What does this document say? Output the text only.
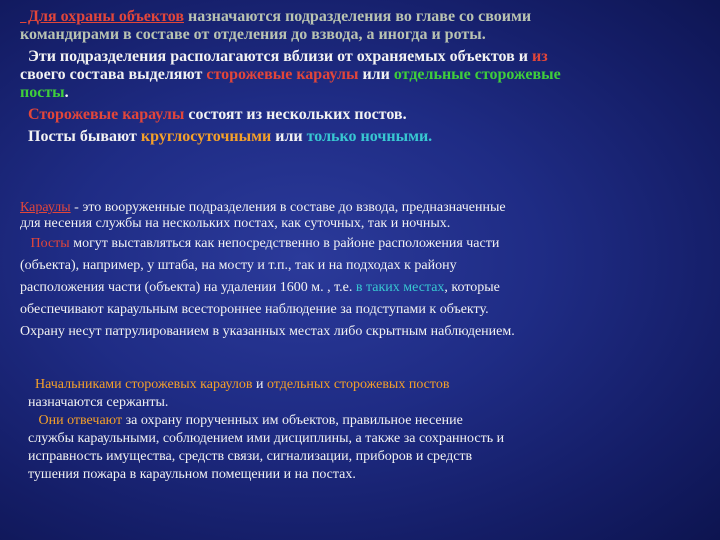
Для охраны объектов назначаются подразделения во главе со своими
командирами в составе от отделения до взвода, а иногда и роты.
Эти подразделения располагаются вблизи от охраняемых объектов и из
своего состава выделяют сторожевые караулы или отдельные сторожевые
посты.
Сторожевые караулы состоят из нескольких постов.
Посты бывают круглосуточными или только ночными.
Караулы - это вооруженные подразделения в составе до взвода, предназначенные
для несения службы на нескольких постах, как суточных, так и ночных.
Посты могут выставляться как непосредственно в районе расположения части
(объекта), например, у штаба, на мосту и т.п., так и на подходах к району
расположения части (объекта) на удалении 1600 м. , т.е. в таких местах, которые
обеспечивают караульным всестороннее наблюдение за подступами к объекту.
Охрану несут патрулированием в указанных местах либо скрытным наблюдением.
Начальниками сторожевых караулов и отдельных сторожевых постов
назначаются сержанты.
Они отвечают за охрану порученных им объектов, правильное несение
службы караульными, соблюдением ими дисциплины, а также за сохранность и
исправность имущества, средств связи, сигнализации, приборов и средств
тушения пожара в караульном помещении и на постах.
